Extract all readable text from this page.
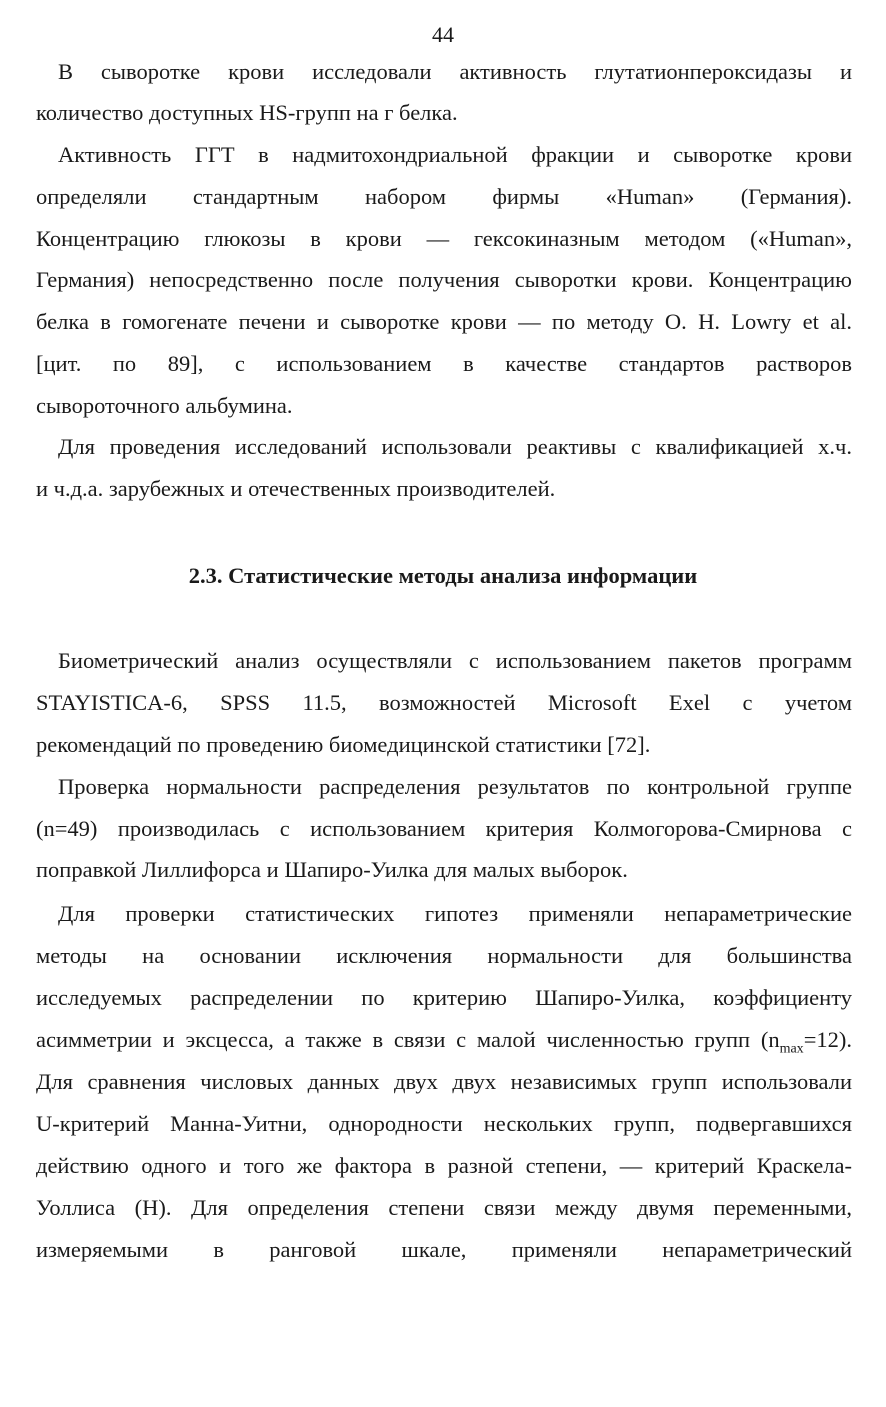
44
В сыворотке крови исследовали активность глутатионпероксидазы и
количество доступных HS-групп на г белка.
Активность ГГТ в надмитохондриальной фракции и сыворотке крови
определяли стандартным набором фирмы «Human» (Германия).
Концентрацию глюкозы в крови — гексокиназным методом («Human»,
Германия) непосредственно после получения сыворотки крови. Концентрацию
белка в гомогенате печени и сыворотке крови — по методу O. H. Lowry et al.
[цит. по 89], с использованием в качестве стандартов растворов
сывороточного альбумина.
Для проведения исследований использовали реактивы с квалификацией х.ч.
и ч.д.а. зарубежных и отечественных производителей.
2.3. Статистические методы анализа информации
Биометрический анализ осуществляли с использованием пакетов программ
STAYISTICA-6, SPSS 11.5, возможностей Microsoft Exel с учетом
рекомендаций по проведению биомедицинской статистики [72].
Проверка нормальности распределения результатов по контрольной группе
(n=49) производилась с использованием критерия Колмогорова-Смирнова с
поправкой Лиллифорса и Шапиро-Уилка для малых выборок.
Для проверки статистических гипотез применяли непараметрические
методы на основании исключения нормальности для большинства
исследуемых распределении по критерию Шапиро-Уилка, коэффициенту
асимметрии и эксцесса, а также в связи с малой численностью групп $(n_{max}=12)$.
Для сравнения числовых данных двух двух независимых групп использовали
U-критерий Манна-Уитни, однородности нескольких групп, подвергавшихся
действию одного и того же фактора в разной степени, — критерий Краскела-
Уоллиса (Н). Для определения степени связи между двумя переменными,
измеряемыми в ранговой шкале, применяли непараметрический
